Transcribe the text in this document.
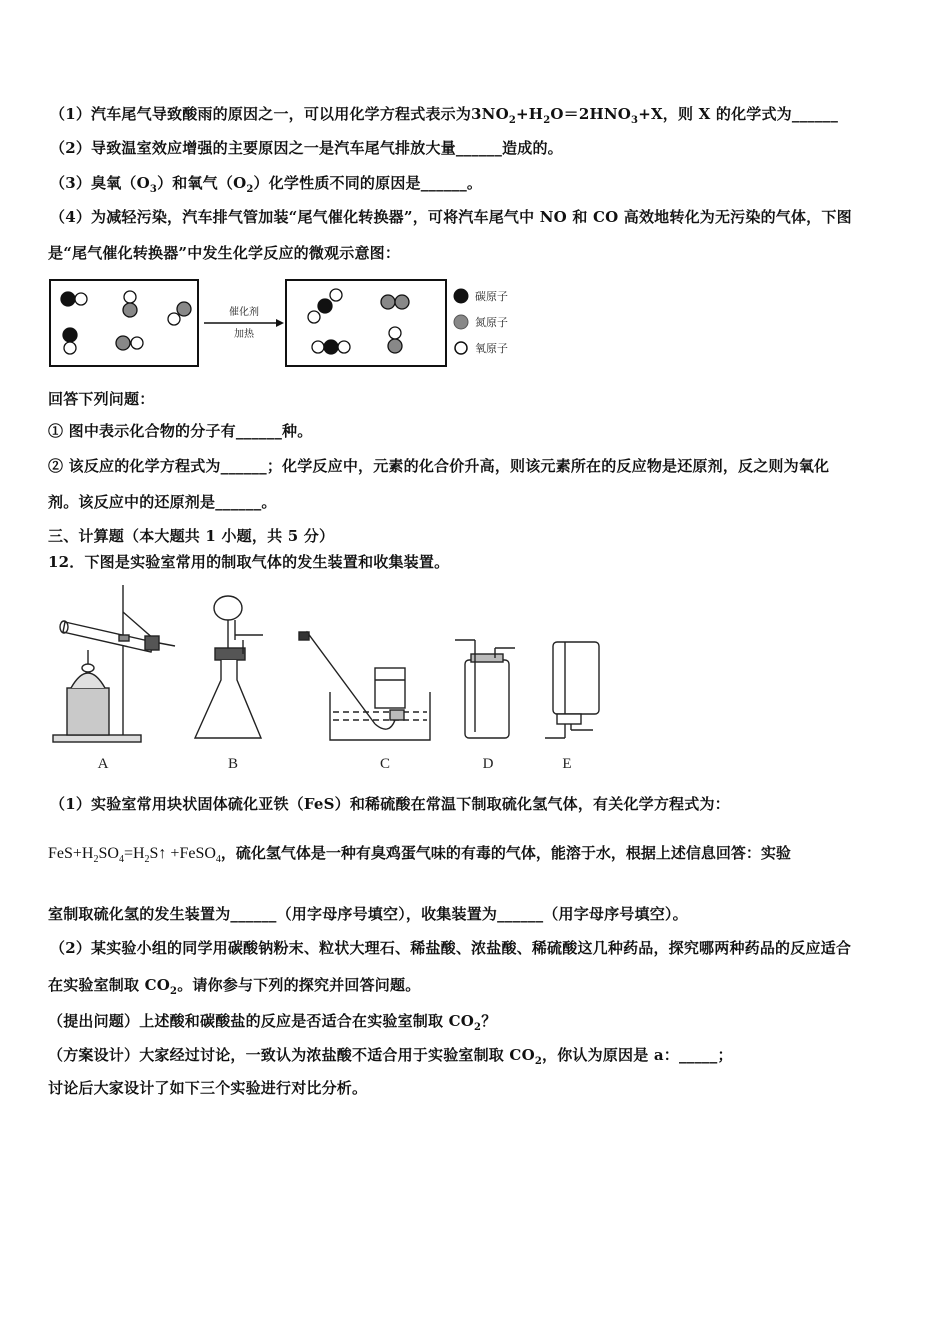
（1）汽车尾气导致酸雨的原因之一，可以用化学方程式表示为$3NO_2+H_2O=2HNO_3+X$，则 X 的化学式为______
（2）导致温室效应增强的主要原因之一是汽车尾气排放大量______造成的。
（3）臭氧$(O_3)$和氧气$(O_2)$化学性质不同的原因是______。
（4）为减轻污染，汽车排气管加装“尾气催化转换器”，可将汽车尾气中 NO 和 CO 高效地转化为无污染的气体，下图
是“尾气催化转换器”中发生化学反应的微观示意图：
催化剂
加热
碳原子
氮原子
氧原子
回答下列问题：
① 图中表示化合物的分子有______种。
② 该反应的化学方程式为______；化学反应中，元素的化合价升高，则该元素所在的反应物是还原剂，反之则为氧化
剂。该反应中的还原剂是______。
三、计算题（本大题共 1 小题，共 5 分）
12．下图是实验室常用的制取气体的发生装置和收集装置。
A	B	C	D	E
（1）实验室常用块状固体硫化亚铁（FeS）和稀硫酸在常温下制取硫化氢气体，有关化学方程式为：
$FeS+H_2SO_4=H_2S↑$ +FeSO$_4$，硫化氢气体是一种有臭鸡蛋气味的有毒的气体，能溶于水，根据上述信息回答：实验
室制取硫化氢的发生装置为______（用字母序号填空），收集装置为______（用字母序号填空）。
（2）某实验小组的同学用碳酸钠粉末、粒状大理石、稀盐酸、浓盐酸、稀硫酸这几种药品，探究哪两种药品的反应适合
在实验室制取 $CO_2$。请你参与下列的探究并回答问题。
（提出问题）上述酸和碳酸盐的反应是否适合在实验室制取 $CO_2$？
（方案设计）大家经过讨论，一致认为浓盐酸不适合用于实验室制取 $CO_2$，你认为原因是 a：_____；
讨论后大家设计了如下三个实验进行对比分析。
